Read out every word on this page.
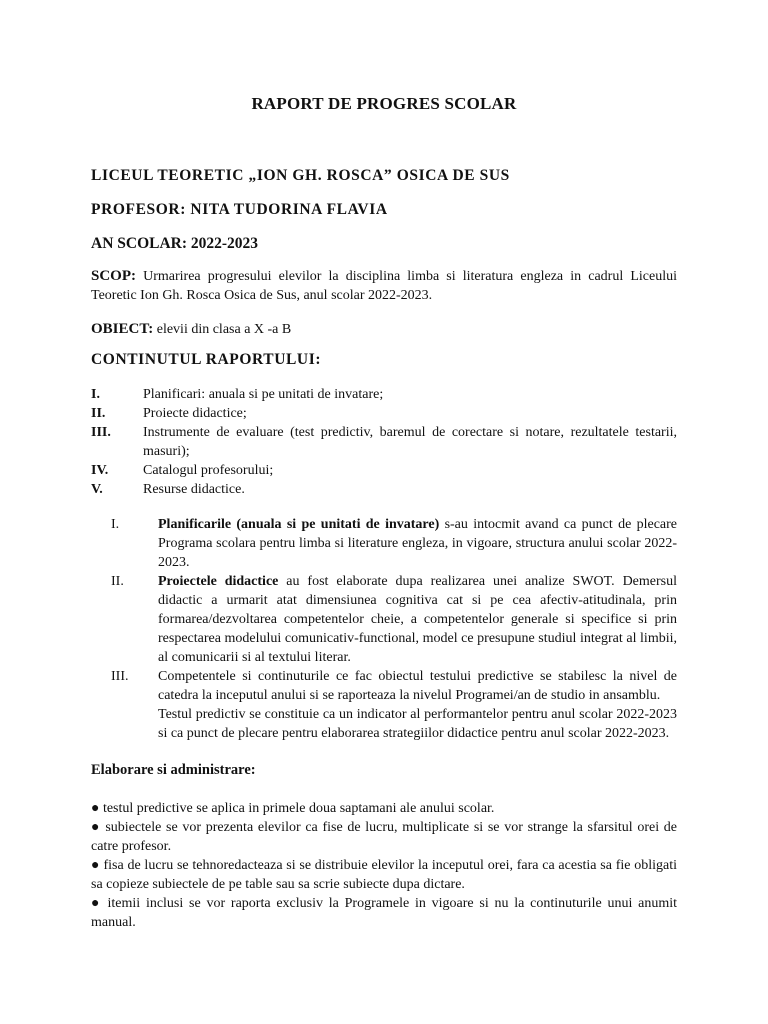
RAPORT DE PROGRES SCOLAR
LICEUL TEORETIC „ION GH. ROSCA” OSICA DE SUS
PROFESOR: NITA TUDORINA FLAVIA
AN SCOLAR: 2022-2023
SCOP: Urmarirea progresului elevilor la disciplina limba si literatura engleza in cadrul Liceului Teoretic Ion Gh. Rosca Osica de Sus, anul scolar 2022-2023.
OBIECT: elevii din clasa a X -a B
CONTINUTUL RAPORTULUI:
I.	Planificari: anuala si pe unitati de invatare;
II.	Proiecte didactice;
III.	Instrumente de evaluare (test predictiv, baremul de corectare si notare, rezultatele testarii, masuri);
IV.	Catalogul profesorului;
V.	Resurse didactice.
I.	Planificarile (anuala si pe unitati de invatare) s-au intocmit avand ca punct de plecare Programa scolara pentru limba si literature engleza, in vigoare, structura anului scolar 2022-2023.
II.	Proiectele didactice au fost elaborate dupa realizarea unei analize SWOT. Demersul didactic a urmarit atat dimensiunea cognitiva cat si pe cea afectiv-atitudinala, prin formarea/dezvoltarea competentelor cheie, a competentelor generale si specifice si prin respectarea modelului comunicativ-functional, model ce presupune studiul integrat al limbii, al comunicarii si al textului literar.
III.	Competentele si continuturile ce fac obiectul testului predictive se stabilesc la nivel de catedra la inceputul anului si se raporteaza la nivelul Programei/an de studio in ansamblu.
Testul predictiv se constituie ca un indicator al performantelor pentru anul scolar 2022-2023 si ca punct de plecare pentru elaborarea strategiilor didactice pentru anul scolar 2022-2023.
Elaborare si administrare:
● testul predictive se aplica in primele doua saptamani ale anului scolar.
● subiectele se vor prezenta elevilor ca fise de lucru, multiplicate si se vor strange la sfarsitul orei de catre profesor.
● fisa de lucru se tehnoredacteaza si se distribuie elevilor la inceputul orei, fara ca acestia sa fie obligati sa copieze subiectele de pe table sau sa scrie subiecte dupa dictare.
● itemii inclusi se vor raporta exclusiv la Programele in vigoare si nu la continuturile unui anumit manual.
